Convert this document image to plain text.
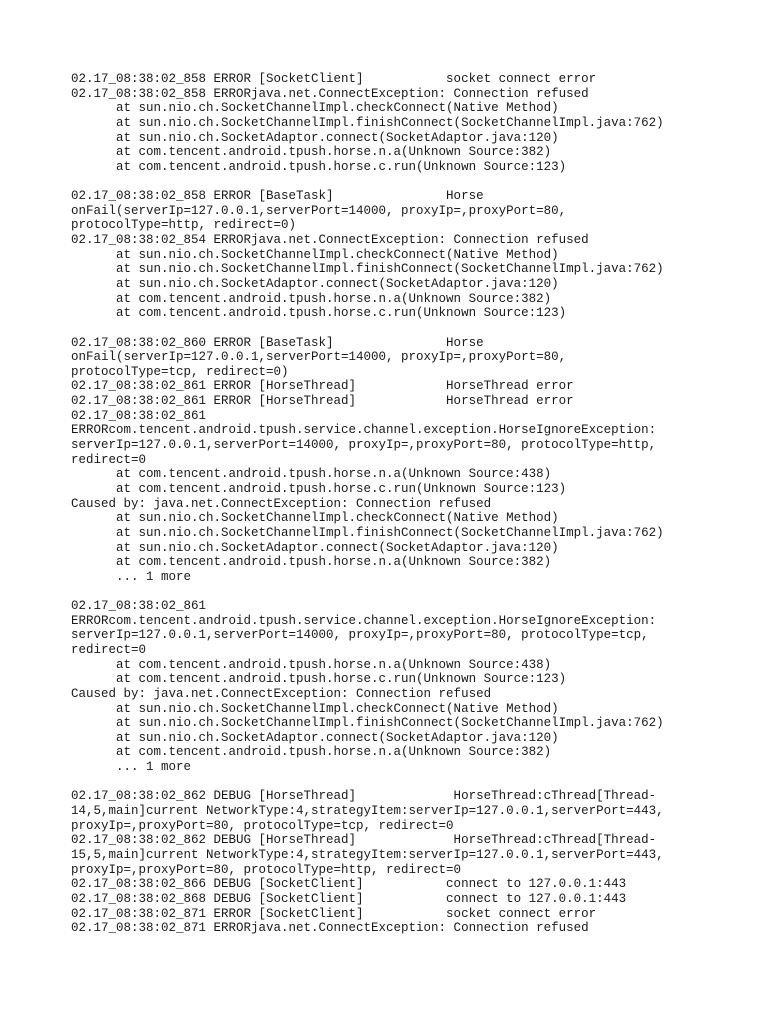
02.17_08:38:02_858 ERROR [SocketClient]           socket connect error
02.17_08:38:02_858 ERRORjava.net.ConnectException: Connection refused
at sun.nio.ch.SocketChannelImpl.checkConnect(Native Method)
at sun.nio.ch.SocketChannelImpl.finishConnect(SocketChannelImpl.java:762)
at sun.nio.ch.SocketAdaptor.connect(SocketAdaptor.java:120)
at com.tencent.android.tpush.horse.n.a(Unknown Source:382)
at com.tencent.android.tpush.horse.c.run(Unknown Source:123)
02.17_08:38:02_858 ERROR [BaseTask]               Horse
onFail(serverIp=127.0.0.1,serverPort=14000, proxyIp=,proxyPort=80,
protocolType=http, redirect=0)
02.17_08:38:02_854 ERRORjava.net.ConnectException: Connection refused
at sun.nio.ch.SocketChannelImpl.checkConnect(Native Method)
at sun.nio.ch.SocketChannelImpl.finishConnect(SocketChannelImpl.java:762)
at sun.nio.ch.SocketAdaptor.connect(SocketAdaptor.java:120)
at com.tencent.android.tpush.horse.n.a(Unknown Source:382)
at com.tencent.android.tpush.horse.c.run(Unknown Source:123)
02.17_08:38:02_860 ERROR [BaseTask]               Horse
onFail(serverIp=127.0.0.1,serverPort=14000, proxyIp=,proxyPort=80,
protocolType=tcp, redirect=0)
02.17_08:38:02_861 ERROR [HorseThread]            HorseThread error
02.17_08:38:02_861 ERROR [HorseThread]            HorseThread error
02.17_08:38:02_861
ERRORcom.tencent.android.tpush.service.channel.exception.HorseIgnoreException:
serverIp=127.0.0.1,serverPort=14000, proxyIp=,proxyPort=80, protocolType=http,
redirect=0
at com.tencent.android.tpush.horse.n.a(Unknown Source:438)
at com.tencent.android.tpush.horse.c.run(Unknown Source:123)
Caused by: java.net.ConnectException: Connection refused
at sun.nio.ch.SocketChannelImpl.checkConnect(Native Method)
at sun.nio.ch.SocketChannelImpl.finishConnect(SocketChannelImpl.java:762)
at sun.nio.ch.SocketAdaptor.connect(SocketAdaptor.java:120)
at com.tencent.android.tpush.horse.n.a(Unknown Source:382)
... 1 more
02.17_08:38:02_861
ERRORcom.tencent.android.tpush.service.channel.exception.HorseIgnoreException:
serverIp=127.0.0.1,serverPort=14000, proxyIp=,proxyPort=80, protocolType=tcp,
redirect=0
at com.tencent.android.tpush.horse.n.a(Unknown Source:438)
at com.tencent.android.tpush.horse.c.run(Unknown Source:123)
Caused by: java.net.ConnectException: Connection refused
at sun.nio.ch.SocketChannelImpl.checkConnect(Native Method)
at sun.nio.ch.SocketChannelImpl.finishConnect(SocketChannelImpl.java:762)
at sun.nio.ch.SocketAdaptor.connect(SocketAdaptor.java:120)
at com.tencent.android.tpush.horse.n.a(Unknown Source:382)
... 1 more
02.17_08:38:02_862 DEBUG [HorseThread]             HorseThread:cThread[Thread-
14,5,main]current NetworkType:4,strategyItem:serverIp=127.0.0.1,serverPort=443,
proxyIp=,proxyPort=80, protocolType=tcp, redirect=0
02.17_08:38:02_862 DEBUG [HorseThread]             HorseThread:cThread[Thread-
15,5,main]current NetworkType:4,strategyItem:serverIp=127.0.0.1,serverPort=443,
proxyIp=,proxyPort=80, protocolType=http, redirect=0
02.17_08:38:02_866 DEBUG [SocketClient]           connect to 127.0.0.1:443
02.17_08:38:02_868 DEBUG [SocketClient]           connect to 127.0.0.1:443
02.17_08:38:02_871 ERROR [SocketClient]           socket connect error
02.17_08:38:02_871 ERRORjava.net.ConnectException: Connection refused
